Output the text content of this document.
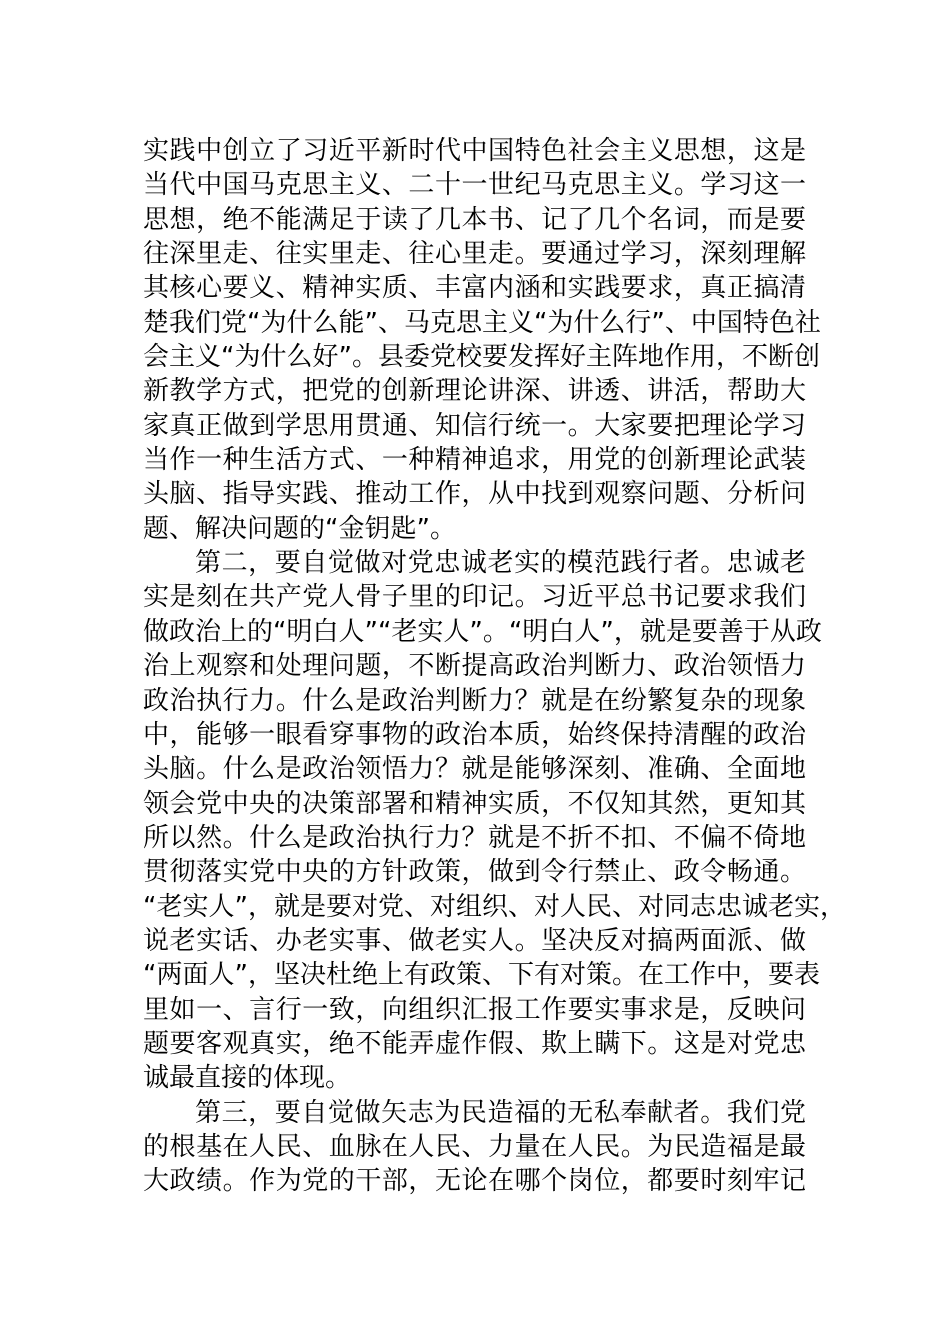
实践中创立了习近平新时代中国特色社会主义思想，这是
当代中国马克思主义、二十一世纪马克思主义。学习这一
思想，绝不能满足于读了几本书、记了几个名词，而是要
往深里走、往实里走、往心里走。要通过学习，深刻理解
其核心要义、精神实质、丰富内涵和实践要求，真正搞清
楚我们党“为什么能”、马克思主义“为什么行”、中国特色社
会主义“为什么好”。县委党校要发挥好主阵地作用，不断创
新教学方式，把党的创新理论讲深、讲透、讲活，帮助大
家真正做到学思用贯通、知信行统一。大家要把理论学习
当作一种生活方式、一种精神追求，用党的创新理论武装
头脑、指导实践、推动工作，从中找到观察问题、分析问
题、解决问题的“金钥匙”。
第二，要自觉做对党忠诚老实的模范践行者。忠诚老
实是刻在共产党人骨子里的印记。习近平总书记要求我们
做政治上的“明白人”“老实人”。“明白人”，就是要善于从政
治上观察和处理问题，不断提高政治判断力、政治领悟力
政治执行力。什么是政治判断力？就是在纷繁复杂的现象
中，能够一眼看穿事物的政治本质，始终保持清醒的政治
头脑。什么是政治领悟力？就是能够深刻、准确、全面地
领会党中央的决策部署和精神实质，不仅知其然，更知其
所以然。什么是政治执行力？就是不折不扣、不偏不倚地
贯彻落实党中央的方针政策，做到令行禁止、政令畅通。
“老实人”，就是要对党、对组织、对人民、对同志忠诚老实，
说老实话、办老实事、做老实人。坚决反对搞两面派、做
“两面人”，坚决杜绝上有政策、下有对策。在工作中，要表
里如一、言行一致，向组织汇报工作要实事求是，反映问
题要客观真实，绝不能弄虚作假、欺上瞒下。这是对党忠
诚最直接的体现。
第三，要自觉做矢志为民造福的无私奉献者。我们党
的根基在人民、血脉在人民、力量在人民。为民造福是最
大政绩。作为党的干部，无论在哪个岗位，都要时刻牢记
